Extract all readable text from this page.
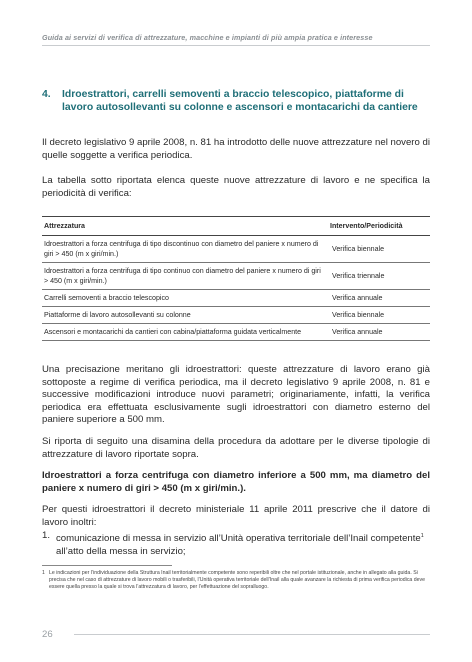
Guida ai servizi di verifica di attrezzature, macchine e impianti di più ampia pratica e interesse
4. Idroestrattori, carrelli semoventi a braccio telescopico, piattaforme di lavoro autosollevanti su colonne e ascensori e montacarichi da cantiere
Il decreto legislativo 9 aprile 2008, n. 81 ha introdotto delle nuove attrezzature nel novero di quelle soggette a verifica periodica.
La tabella sotto riportata elenca queste nuove attrezzature di lavoro e ne specifica la periodicità di verifica:
Attrezzatura	Intervento/Periodicità
Idroestrattori a forza centrifuga di tipo discontinuo con diametro del paniere x numero di giri > 450 (m x giri/min.)	Verifica biennale
Idroestrattori a forza centrifuga di tipo continuo con diametro del paniere x numero di giri > 450 (m x giri/min.)	Verifica triennale
Carrelli semoventi a braccio telescopico	Verifica annuale
Piattaforme di lavoro autosollevanti su colonne	Verifica biennale
Ascensori e montacarichi da cantieri con cabina/piattaforma guidata verticalmente	Verifica annuale
Una precisazione meritano gli idroestrattori: queste attrezzature di lavoro erano già sottoposte a regime di verifica periodica, ma il decreto legislativo 9 aprile 2008, n. 81 e successive modificazioni introduce nuovi parametri; originariamente, infatti, la verifica periodica era effettuata esclusivamente sugli idroestrattori con diametro esterno del paniere superiore a 500 mm.
Si riporta di seguito una disamina della procedura da adottare per le diverse tipologie di attrezzature di lavoro riportate sopra.
Idroestrattori a forza centrifuga con diametro inferiore a 500 mm, ma diametro del paniere x numero di giri > 450 (m x giri/min.).
Per questi idroestrattori il decreto ministeriale 11 aprile 2011 prescrive che il datore di lavoro inoltri:
1. comunicazione di messa in servizio all’Unità operativa territoriale dell’Inail competente$^1$ all’atto della messa in servizio;
1 Le indicazioni per l’individuazione della Struttura Inail territorialmente competente sono reperibili oltre che nel portale istituzionale, anche in allegato alla guida. Si precisa che nel caso di attrezzature di lavoro mobili o trasferibili, l’Unità operativa territoriale dell’Inail alla quale avanzare la richiesta di prima verifica periodica deve essere quella presso la quale si trova l’attrezzatura di lavoro, per l’effettuazione del sopralluogo.
26
